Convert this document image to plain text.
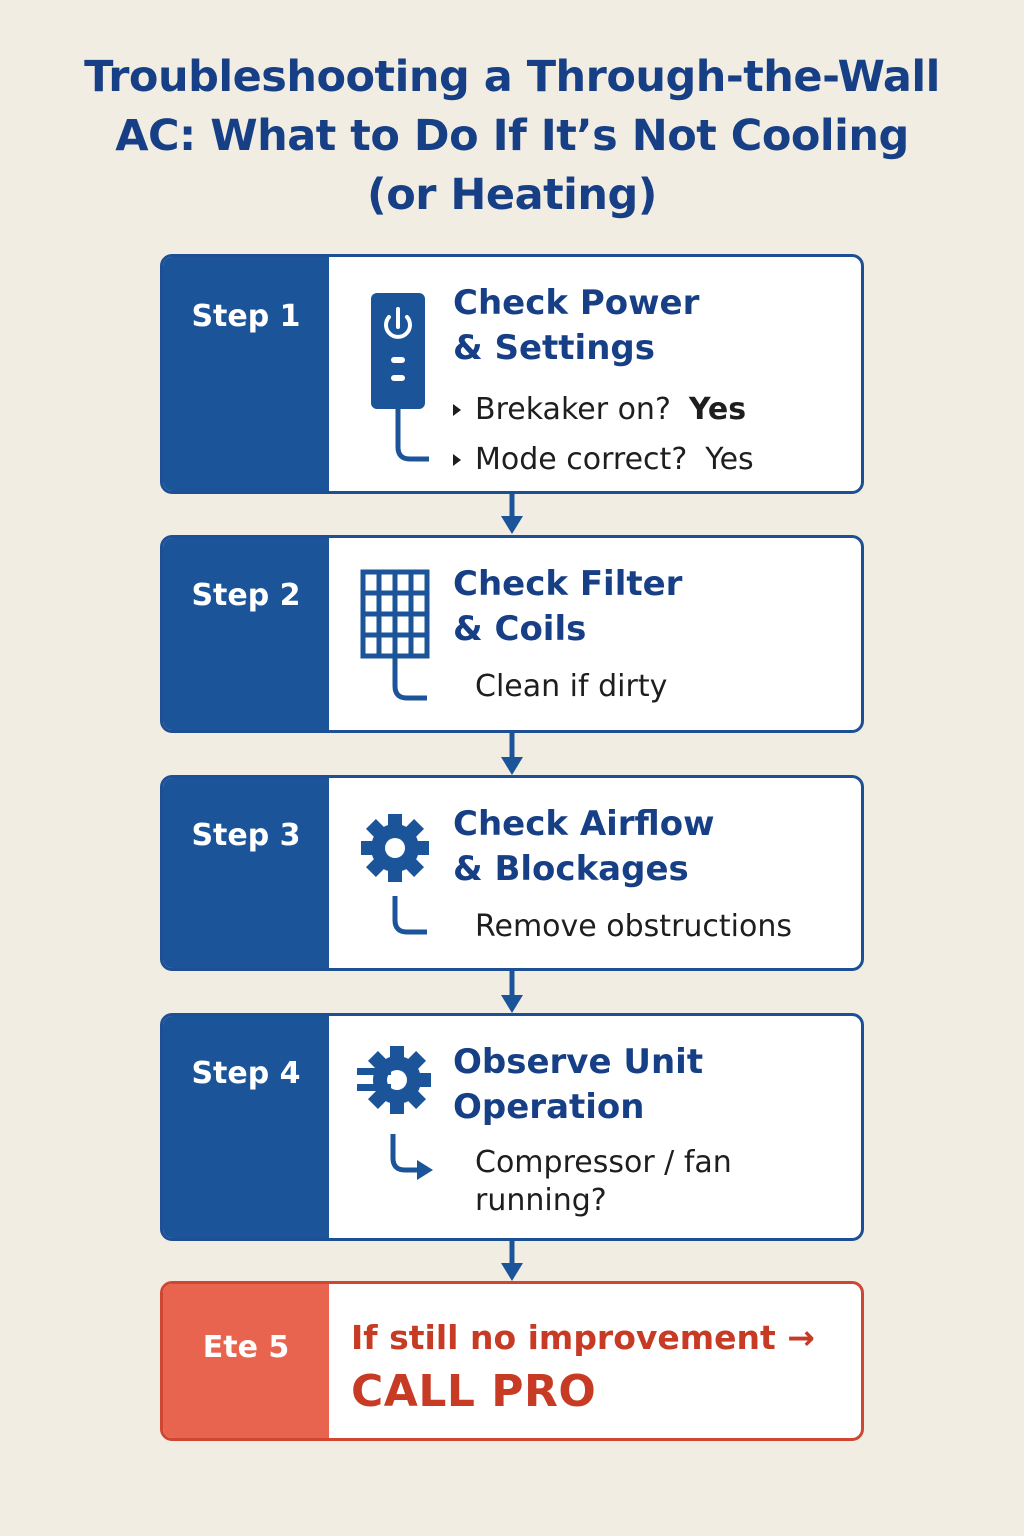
Troubleshooting a Through-the-Wall
AC: What to Do If It’s Not Cooling
(or Heating)
Step 1	Check Power
& Settings
Brekaker on? Yes
Mode correct? Yes
Step 2	Check Filter
& Coils
Clean if dirty
Step 3	Check Airflow
& Blockages
Remove obstructions
Step 4	Observe Unit
Operation
Compressor / fan
running?
Ete 5	If still no improvement →
CALL PRO
